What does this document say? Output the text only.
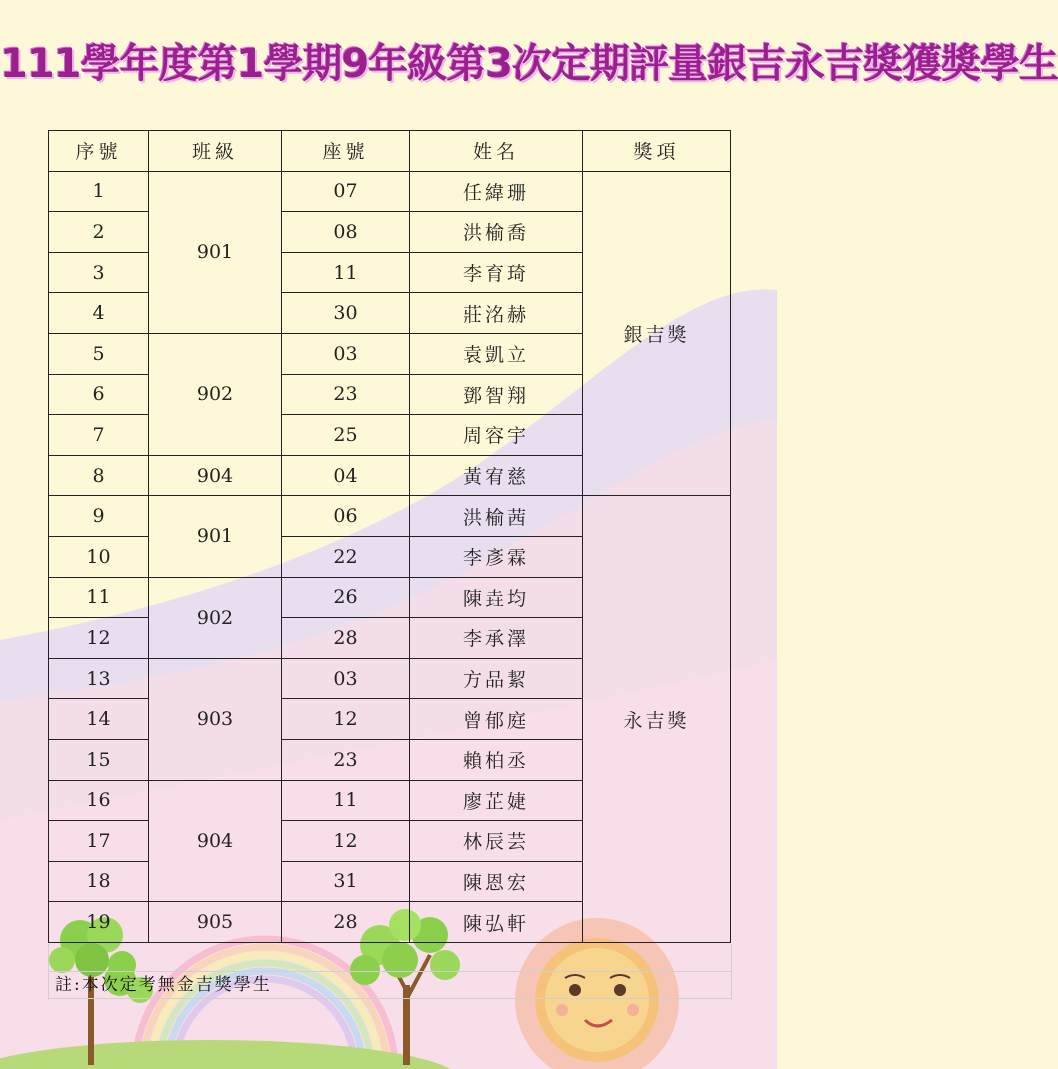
111學年度第1學期9年級第3次定期評量銀吉永吉獎獲獎學生
序號	班級	座號	姓名	獎項
1	901	07	任緯珊	銀吉獎
2		08	洪榆喬	
3		11	李育琦	
4		30	莊洺赫	
5	902	03	袁凱立	
6		23	鄧智翔	
7		25	周容宇	
8	904	04	黃宥慈	
9	901	06	洪榆茜	永吉獎
10		22	李彥霖	
11	902	26	陳垚均	
12		28	李承澤	
13	903	03	方品絜	
14		12	曾郁庭	
15		23	賴柏丞	
16	904	11	廖芷婕	
17		12	林辰芸	
18		31	陳恩宏	
19	905	28	陳弘軒	
註:本次定考無金吉獎學生
